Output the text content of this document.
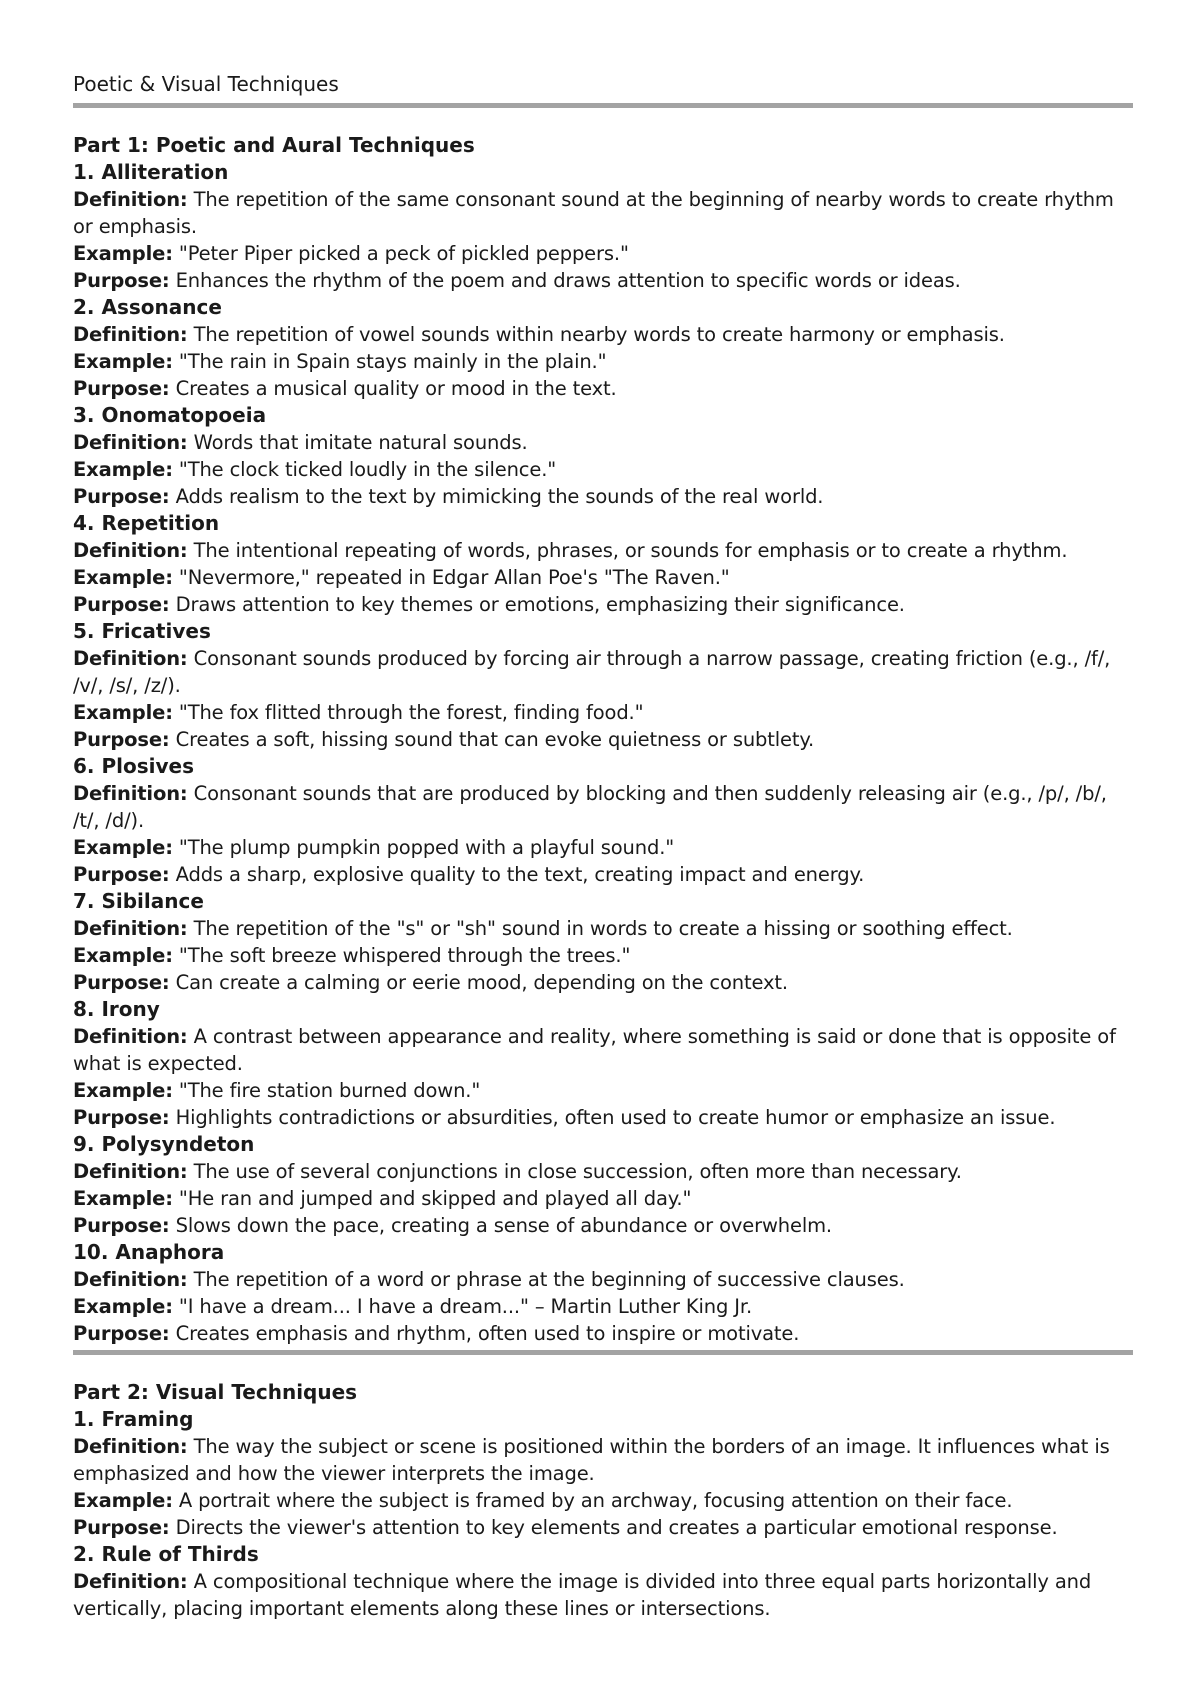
Poetic & Visual Techniques
Part 1: Poetic and Aural Techniques
1. Alliteration

Definition: The repetition of the same consonant sound at the beginning of nearby words to create rhythm or emphasis.

Example: "Peter Piper picked a peck of pickled peppers."

Purpose: Enhances the rhythm of the poem and draws attention to specific words or ideas.

2. Assonance

Definition: The repetition of vowel sounds within nearby words to create harmony or emphasis.

Example: "The rain in Spain stays mainly in the plain."

Purpose: Creates a musical quality or mood in the text.

3. Onomatopoeia

Definition: Words that imitate natural sounds.

Example: "The clock ticked loudly in the silence."

Purpose: Adds realism to the text by mimicking the sounds of the real world.

4. Repetition

Definition: The intentional repeating of words, phrases, or sounds for emphasis or to create a rhythm.

Example: "Nevermore," repeated in Edgar Allan Poe's "The Raven."

Purpose: Draws attention to key themes or emotions, emphasizing their significance.

5. Fricatives

Definition: Consonant sounds produced by forcing air through a narrow passage, creating friction (e.g., /f/, /v/, /s/, /z/).

Example: "The fox flitted through the forest, finding food."

Purpose: Creates a soft, hissing sound that can evoke quietness or subtlety.

6. Plosives

Definition: Consonant sounds that are produced by blocking and then suddenly releasing air (e.g., /p/, /b/, /t/, /d/).

Example: "The plump pumpkin popped with a playful sound."

Purpose: Adds a sharp, explosive quality to the text, creating impact and energy.

7. Sibilance

Definition: The repetition of the "s" or "sh" sound in words to create a hissing or soothing effect.

Example: "The soft breeze whispered through the trees."

Purpose: Can create a calming or eerie mood, depending on the context.

8. Irony

Definition: A contrast between appearance and reality, where something is said or done that is opposite of what is expected.

Example: "The fire station burned down."

Purpose: Highlights contradictions or absurdities, often used to create humor or emphasize an issue.

9. Polysyndeton

Definition: The use of several conjunctions in close succession, often more than necessary.

Example: "He ran and jumped and skipped and played all day."

Purpose: Slows down the pace, creating a sense of abundance or overwhelm.

10. Anaphora

Definition: The repetition of a word or phrase at the beginning of successive clauses.

Example: "I have a dream... I have a dream..." – Martin Luther King Jr.

Purpose: Creates emphasis and rhythm, often used to inspire or motivate.

Part 2: Visual Techniques
1. Framing

Definition: The way the subject or scene is positioned within the borders of an image. It influences what is emphasized and how the viewer interprets the image.

Example: A portrait where the subject is framed by an archway, focusing attention on their face.

Purpose: Directs the viewer's attention to key elements and creates a particular emotional response.

2. Rule of Thirds

Definition: A compositional technique where the image is divided into three equal parts horizontally and vertically, placing important elements along these lines or intersections.
